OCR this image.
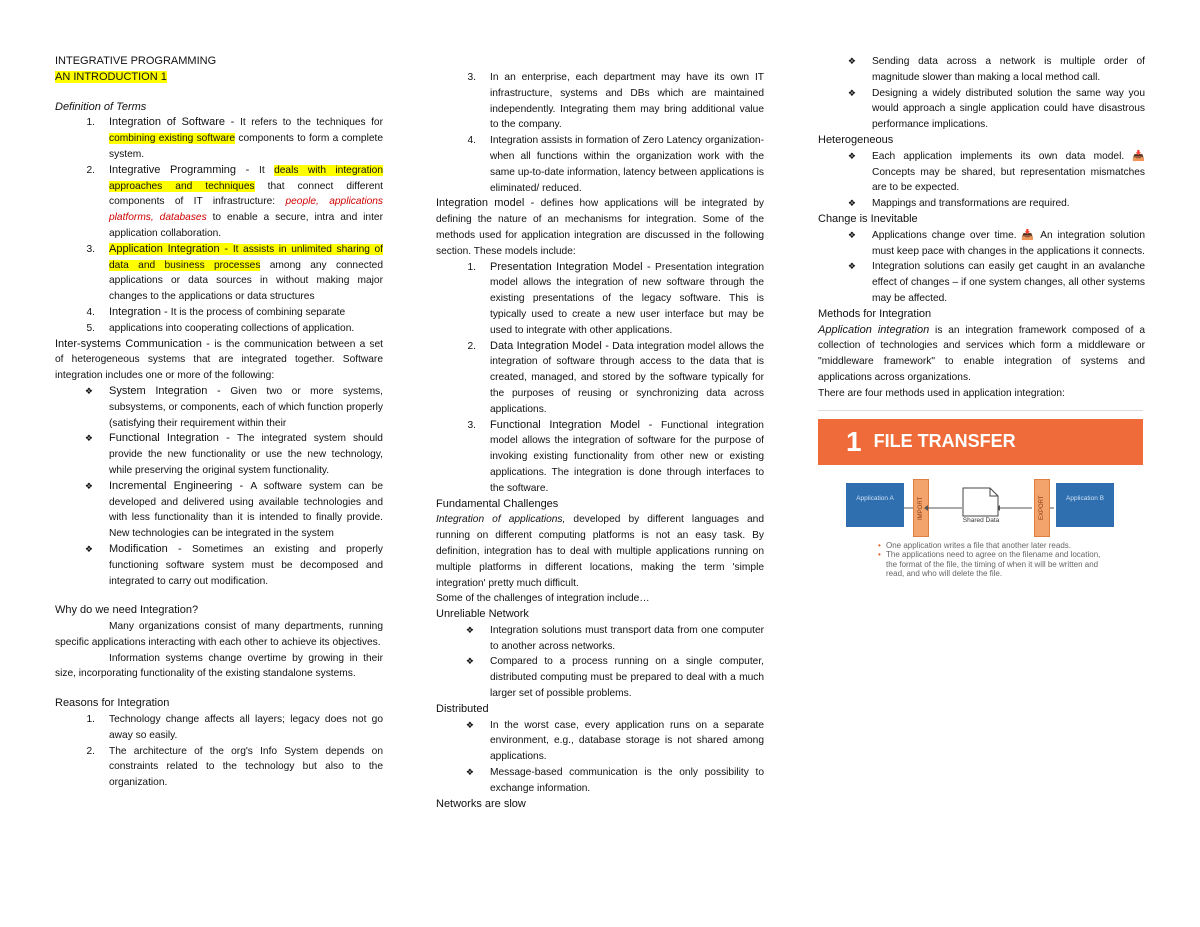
INTEGRATIVE PROGRAMMING

AN INTRODUCTION 1

Definition of Terms

1.	Integration of Software - It refers to the techniques for combining existing software components to form a complete system.
2.	Integrative Programming - It deals with integration approaches and techniques that connect different components of IT infrastructure: people, applications platforms, databases to enable a secure, intra and inter application collaboration.
3.	Application Integration - It assists in unlimited sharing of data and business processes among any connected applications or data sources in without making major changes to the applications or data structures
4.	Integration - It is the process of combining separate
5.	applications into cooperating collections of application.

Inter-systems Communication - is the communication between a set of heterogeneous systems that are integrated together. Software integration includes one or more of the following:

❖	System Integration - Given two or more systems, subsystems, or components, each of which function properly (satisfying their requirement within their
❖	Functional Integration - The integrated system should provide the new functionality or use the new technology, while preserving the original system functionality.
❖	Incremental Engineering - A software system can be developed and delivered using available technologies and with less functionality than it is intended to finally provide. New technologies can be integrated in the system
❖	Modification - Sometimes an existing and properly functioning software system must be decomposed and integrated to carry out modification.

Why do we need Integration?

Many organizations consist of many departments, running specific applications interacting with each other to achieve its objectives.

Information systems change overtime by growing in their size, incorporating functionality of the existing standalone systems.

Reasons for Integration

1.	Technology change affects all layers; legacy does not go away so easily.
2.	The architecture of the org's Info System depends on constraints related to the technology but also to the organization.
3.	In an enterprise, each department may have its own IT infrastructure, systems and DBs which are maintained independently. Integrating them may bring additional value to the company.
4.	Integration assists in formation of Zero Latency organization- when all functions within the organization work with the same up-to-date information, latency between applications is eliminated/ reduced.

Integration model - defines how applications will be integrated by defining the nature of an mechanisms for integration. Some of the methods used for application integration are discussed in the following section. These models include:

1.	Presentation Integration Model - Presentation integration model allows the integration of new software through the existing presentations of the legacy software. This is typically used to create a new user interface but may be used to integrate with other applications.
2.	Data Integration Model - Data integration model allows the integration of software through access to the data that is created, managed, and stored by the software typically for the purposes of reusing or synchronizing data across applications.
3.	Functional Integration Model - Functional integration model allows the integration of software for the purpose of invoking existing functionality from other new or existing applications. The integration is done through interfaces to the software.

Fundamental Challenges

Integration of applications, developed by different languages and running on different computing platforms is not an easy task. By definition, integration has to deal with multiple applications running on multiple platforms in different locations, making the term 'simple integration' pretty much difficult.

Some of the challenges of integration include…

Unreliable Network

❖	Integration solutions must transport data from one computer to another across networks.
❖	Compared to a process running on a single computer, distributed computing must be prepared to deal with a much larger set of possible problems.

Distributed

❖	In the worst case, every application runs on a separate environment, e.g., database storage is not shared among applications.
❖	Message-based communication is the only possibility to exchange information.

Networks are slow

❖	Sending data across a network is multiple order of magnitude slower than making a local method call.
❖	Designing a widely distributed solution the same way you would approach a single application could have disastrous performance implications.

Heterogeneous

❖	Each application implements its own data model. 📥 Concepts may be shared, but representation mismatches are to be expected.
❖	Mappings and transformations are required.

Change is Inevitable

❖	Applications change over time. 📥 An integration solution must keep pace with changes in the applications it connects.
❖	Integration solutions can easily get caught in an avalanche effect of changes – if one system changes, all other systems may be affected.

Methods for Integration

Application integration is an integration framework composed of a collection of technologies and services which form a middleware or "middleware framework" to enable integration of systems and applications across organizations.

There are four methods used in application integration:

1 FILE TRANSFER
Application A	IMPORT
Shared Data
EXPORT	Application B
• One application writes a file that another later reads.
• The applications need to agree on the filename and location, the format of the file, the timing of when it will be written and read, and who will delete the file.
